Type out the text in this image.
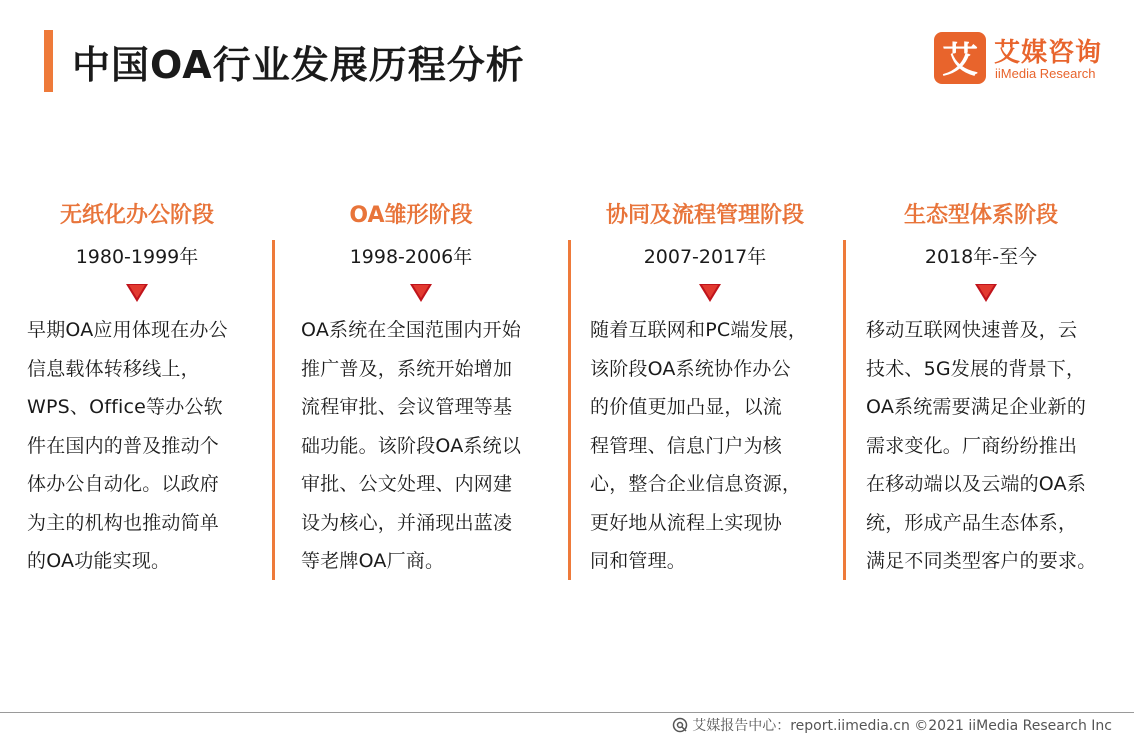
中国OA行业发展历程分析	艾 艾媒咨询
iiMedia Research
无纸化办公阶段
1980-1999年
早期OA应用体现在办公
信息载体转移线上，
WPS、Office等办公软
件在国内的普及推动个
体办公自动化。以政府
为主的机构也推动简单
的OA功能实现。
OA雏形阶段
1998-2006年
OA系统在全国范围内开始
推广普及，系统开始增加
流程审批、会议管理等基
础功能。该阶段OA系统以
审批、公文处理、内网建
设为核心，并涌现出蓝凌
等老牌OA厂商。
协同及流程管理阶段
2007-2017年
随着互联网和PC端发展，
该阶段OA系统协作办公
的价值更加凸显，以流
程管理、信息门户为核
心，整合企业信息资源，
更好地从流程上实现协
同和管理。
生态型体系阶段
2018年-至今
移动互联网快速普及，云
技术、5G发展的背景下，
OA系统需要满足企业新的
需求变化。厂商纷纷推出
在移动端以及云端的OA系
统，形成产品生态体系，
满足不同类型客户的要求。
艾媒报告中心：report.iimedia.cn ©2021 iiMedia Research Inc
